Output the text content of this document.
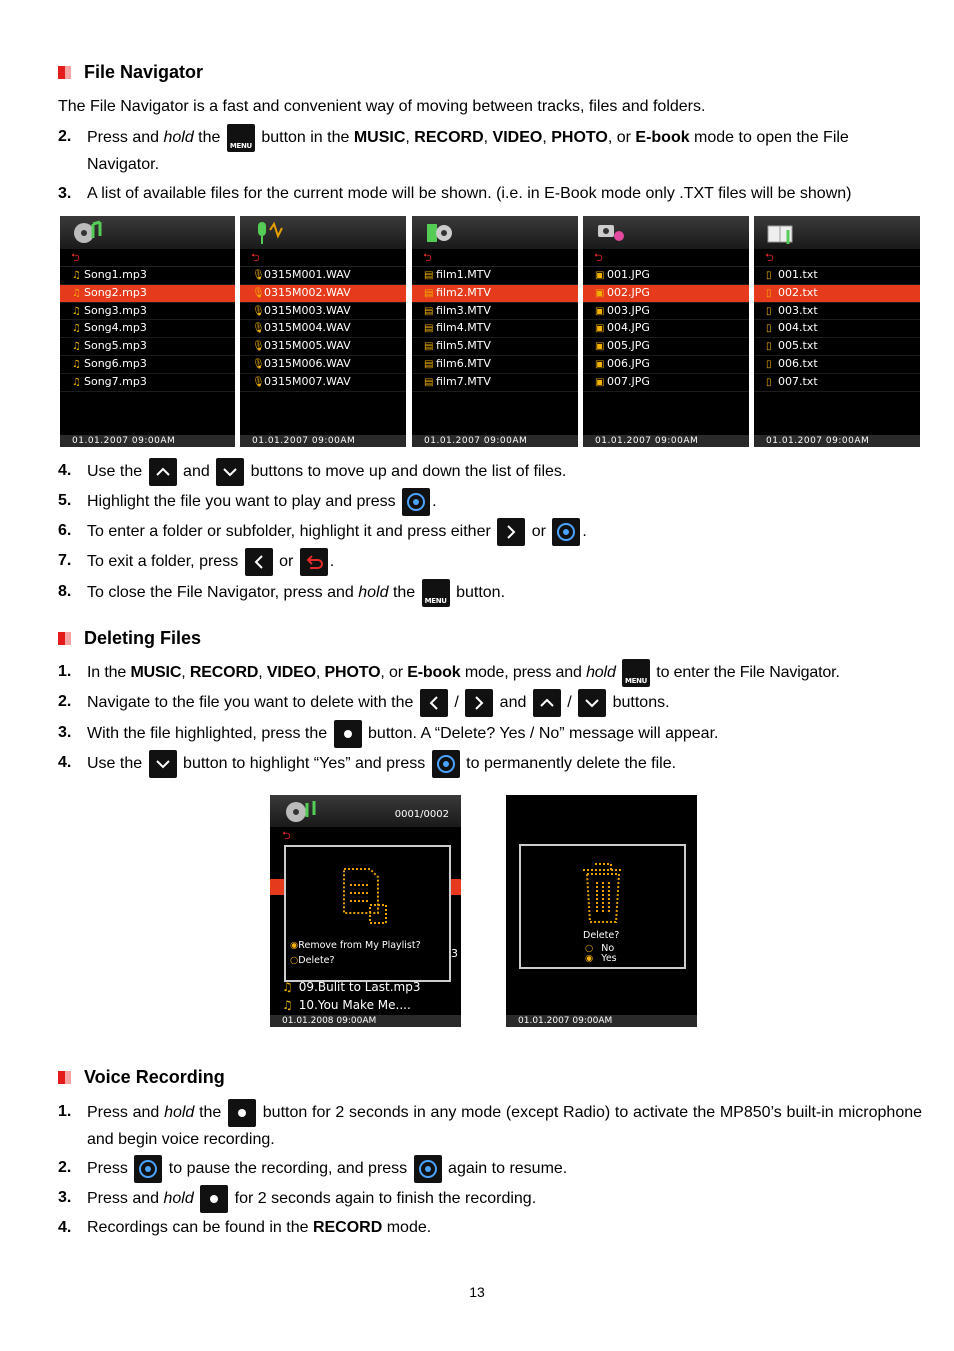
File Navigator
The File Navigator is a fast and convenient way of moving between tracks, files and folders.
2. Press and hold the MENU button in the MUSIC, RECORD, VIDEO, PHOTO, or E-book mode to open the File Navigator.
3. A list of available files for the current mode will be shown. (i.e. in E-Book mode only .TXT files will be shown)
⮌
♫ Song1.mp3
♫ Song2.mp3
♫ Song3.mp3
♫ Song4.mp3
♫ Song5.mp3
♫ Song6.mp3
♫ Song7.mp3
01.01.2007 09:00AM
⮌
🎙0315M001.WAV
🎙0315M002.WAV
🎙0315M003.WAV
🎙0315M004.WAV
🎙0315M005.WAV
🎙0315M006.WAV
🎙0315M007.WAV
01.01.2007 09:00AM
⮌
▤ film1.MTV
▤ film2.MTV
▤ film3.MTV
▤ film4.MTV
▤ film5.MTV
▤ film6.MTV
▤ film7.MTV
01.01.2007 09:00AM
⮌
▣ 001.JPG
▣ 002.JPG
▣ 003.JPG
▣ 004.JPG
▣ 005.JPG
▣ 006.JPG
▣ 007.JPG
01.01.2007 09:00AM
⮌
▯ 001.txt
▯ 002.txt
▯ 003.txt
▯ 004.txt
▯ 005.txt
▯ 006.txt
▯ 007.txt
01.01.2007 09:00AM
4. Use the
and
buttons to move up and down the list of files.
5. Highlight the file you want to play and press
.
6. To enter a folder or subfolder, highlight it and press either
or
.
7. To exit a folder, press
or
.
8. To close the File Navigator, press and hold the MENU button.
Deleting Files
1. In the MUSIC, RECORD, VIDEO, PHOTO, or E-book mode, press and hold	MENU to enter the File Navigator.
2. Navigate to the file you want to delete with the
/
and
/
buttons.
3. With the file highlighted, press the
button. A “Delete? Yes / No” message will appear.
4. Use the
button to highlight “Yes” and press
to permanently delete the file.
0001/0002
⮌
◉Remove from My Playlist?
○Delete?
3
♫ 09.Bulit to Last.mp3
♫ 10.You Make Me....
01.01.2008 09:00AM
Delete?
○ No
◉ Yes
01.01.2007 09:00AM
Voice Recording
1. Press and hold the
button for 2 seconds in any mode (except Radio) to activate the MP850’s built-in microphone and begin voice recording.
2. Press
to pause the recording, and press
again to resume.
3. Press and hold
for 2 seconds again to finish the recording.
4. Recordings can be found in the RECORD mode.
13
